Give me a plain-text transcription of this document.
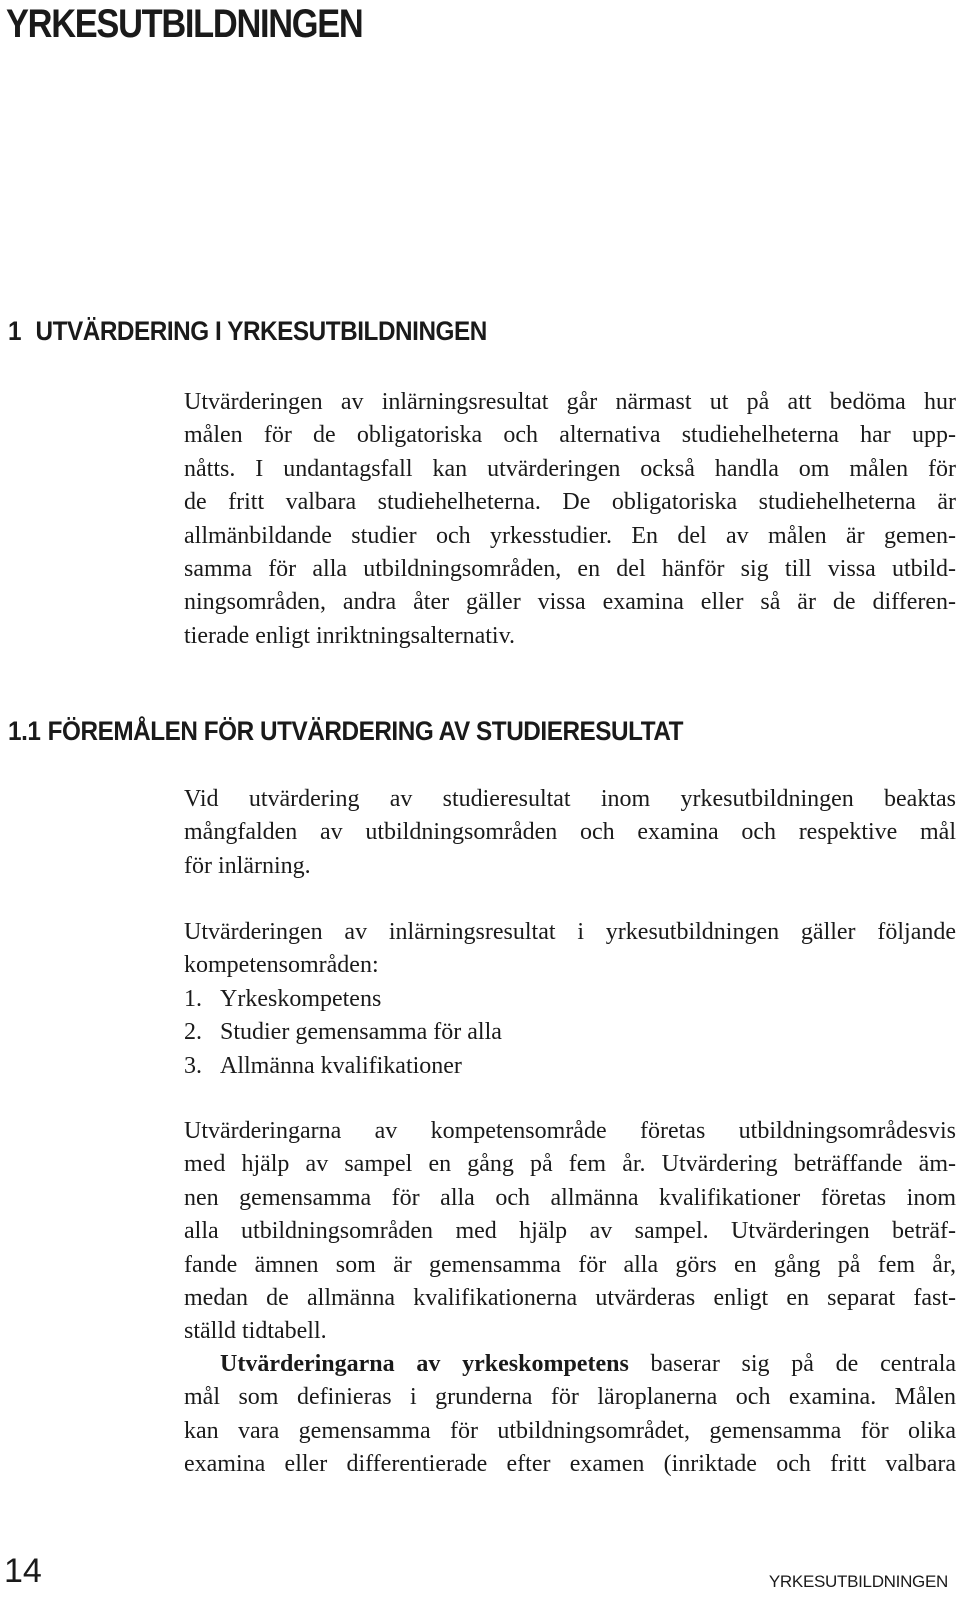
YRKESUTBILDNINGEN
1 UTVÄRDERING I YRKESUTBILDNINGEN
Utvärderingen av inlärningsresultat går närmast ut på att bedöma hur
målen för de obligatoriska och alternativa studiehelheterna har upp-
nåtts. I undantagsfall kan utvärderingen också handla om målen för
de fritt valbara studiehelheterna. De obligatoriska studiehelheterna är
allmänbildande studier och yrkesstudier. En del av målen är gemen-
samma för alla utbildningsområden, en del hänför sig till vissa utbild-
ningsområden, andra åter gäller vissa examina eller så är de differen-
tierade enligt inriktningsalternativ.
1.1 FÖREMÅLEN FÖR UTVÄRDERING AV STUDIERESULTAT
Vid utvärdering av studieresultat inom yrkesutbildningen beaktas
mångfalden av utbildningsområden och examina och respektive mål
för inlärning.
Utvärderingen av inlärningsresultat i yrkesutbildningen gäller följande
kompetensområden:
1. Yrkeskompetens
2. Studier gemensamma för alla
3. Allmänna kvalifikationer
Utvärderingarna av kompetensområde företas utbildningsområdesvis
med hjälp av sampel en gång på fem år. Utvärdering beträffande äm-
nen gemensamma för alla och allmänna kvalifikationer företas inom
alla utbildningsområden med hjälp av sampel. Utvärderingen beträf-
fande ämnen som är gemensamma för alla görs en gång på fem år,
medan de allmänna kvalifikationerna utvärderas enligt en separat fast-
ställd tidtabell.
Utvärderingarna av yrkeskompetens baserar sig på de centrala
mål som definieras i grunderna för läroplanerna och examina. Målen
kan vara gemensamma för utbildningsområdet, gemensamma för olika
examina eller differentierade efter examen (inriktade och fritt valbara
14	YRKESUTBILDNINGEN
